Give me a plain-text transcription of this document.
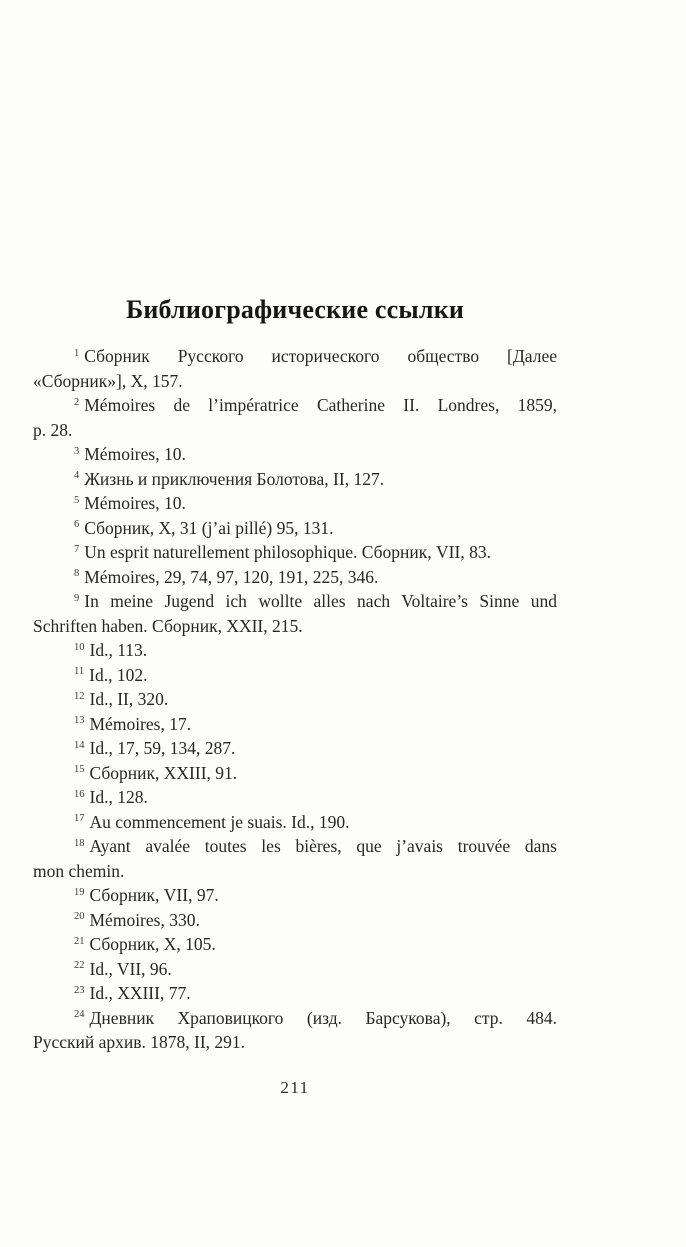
Библиографические ссылки
1 Сборник Русского исторического общество [Далее
«Сборник»], X, 157.
2 Mémoires de l’impératrice Catherine II. Londres, 1859,
p. 28.
3 Mémoires, 10.
4 Жизнь и приключения Болотова, II, 127.
5 Mémoires, 10.
6 Сборник, X, 31 (j’ai pillé) 95, 131.
7 Un esprit naturellement philosophique. Сборник, VII, 83.
8 Mémoires, 29, 74, 97, 120, 191, 225, 346.
9 In meine Jugend ich wollte alles nach Voltaire’s Sinne und
Schriften haben. Сборник, XXII, 215.
10 Id., 113.
11 Id., 102.
12 Id., II, 320.
13 Mémoires, 17.
14 Id., 17, 59, 134, 287.
15 Сборник, XXIII, 91.
16 Id., 128.
17 Au commencement je suais. Id., 190.
18 Ayant avalée toutes les bières, que j’avais trouvée dans
mon chemin.
19 Сборник, VII, 97.
20 Mémoires, 330.
21 Сборник, X, 105.
22 Id., VII, 96.
23 Id., XXIII, 77.
24 Дневник Храповицкого (изд. Барсукова), стр. 484.
Русский архив. 1878, II, 291.
211
